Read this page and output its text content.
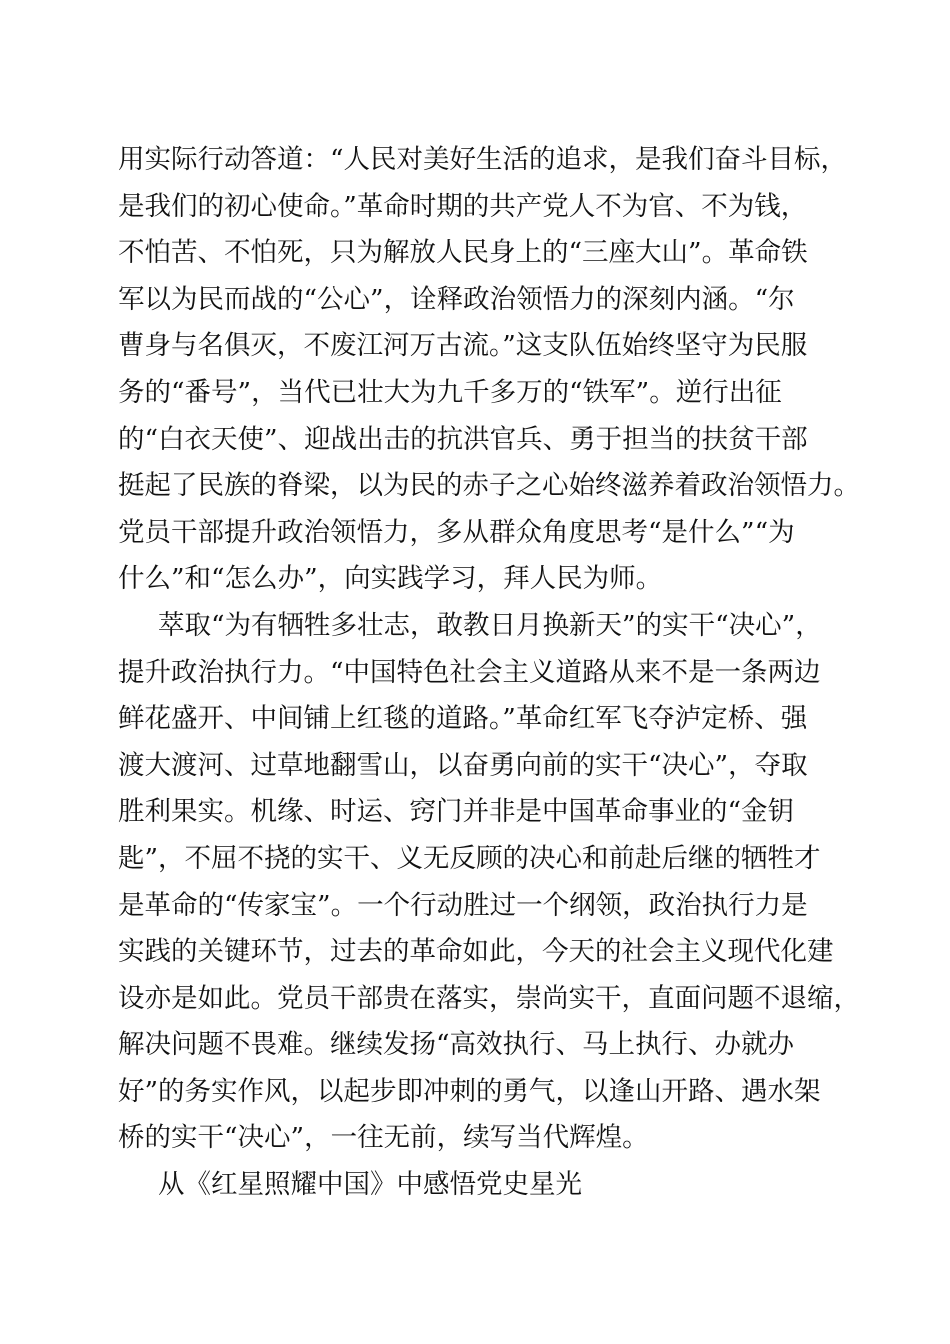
用实际行动答道：“人民对美好生活的追求，是我们奋斗目标，
是我们的初心使命。”革命时期的共产党人不为官、不为钱，
不怕苦、不怕死，只为解放人民身上的“三座大山”。革命铁
军以为民而战的“公心”，诠释政治领悟力的深刻内涵。“尔
曹身与名俱灭，不废江河万古流。”这支队伍始终坚守为民服
务的“番号”，当代已壮大为九千多万的“铁军”。逆行出征
的“白衣天使”、迎战出击的抗洪官兵、勇于担当的扶贫干部
挺起了民族的脊梁，以为民的赤子之心始终滋养着政治领悟力。
党员干部提升政治领悟力，多从群众角度思考“是什么”“为
什么”和“怎么办”，向实践学习，拜人民为师。
萃取“为有牺牲多壮志，敢教日月换新天”的实干“决心”，
提升政治执行力。“中国特色社会主义道路从来不是一条两边
鲜花盛开、中间铺上红毯的道路。”革命红军飞夺泸定桥、强
渡大渡河、过草地翻雪山，以奋勇向前的实干“决心”，夺取
胜利果实。机缘、时运、窍门并非是中国革命事业的“金钥
匙”，不屈不挠的实干、义无反顾的决心和前赴后继的牺牲才
是革命的“传家宝”。一个行动胜过一个纲领，政治执行力是
实践的关键环节，过去的革命如此，今天的社会主义现代化建
设亦是如此。党员干部贵在落实，崇尚实干，直面问题不退缩，
解决问题不畏难。继续发扬“高效执行、马上执行、办就办
好”的务实作风，以起步即冲刺的勇气，以逢山开路、遇水架
桥的实干“决心”，一往无前，续写当代辉煌。
从《红星照耀中国》中感悟党史星光
